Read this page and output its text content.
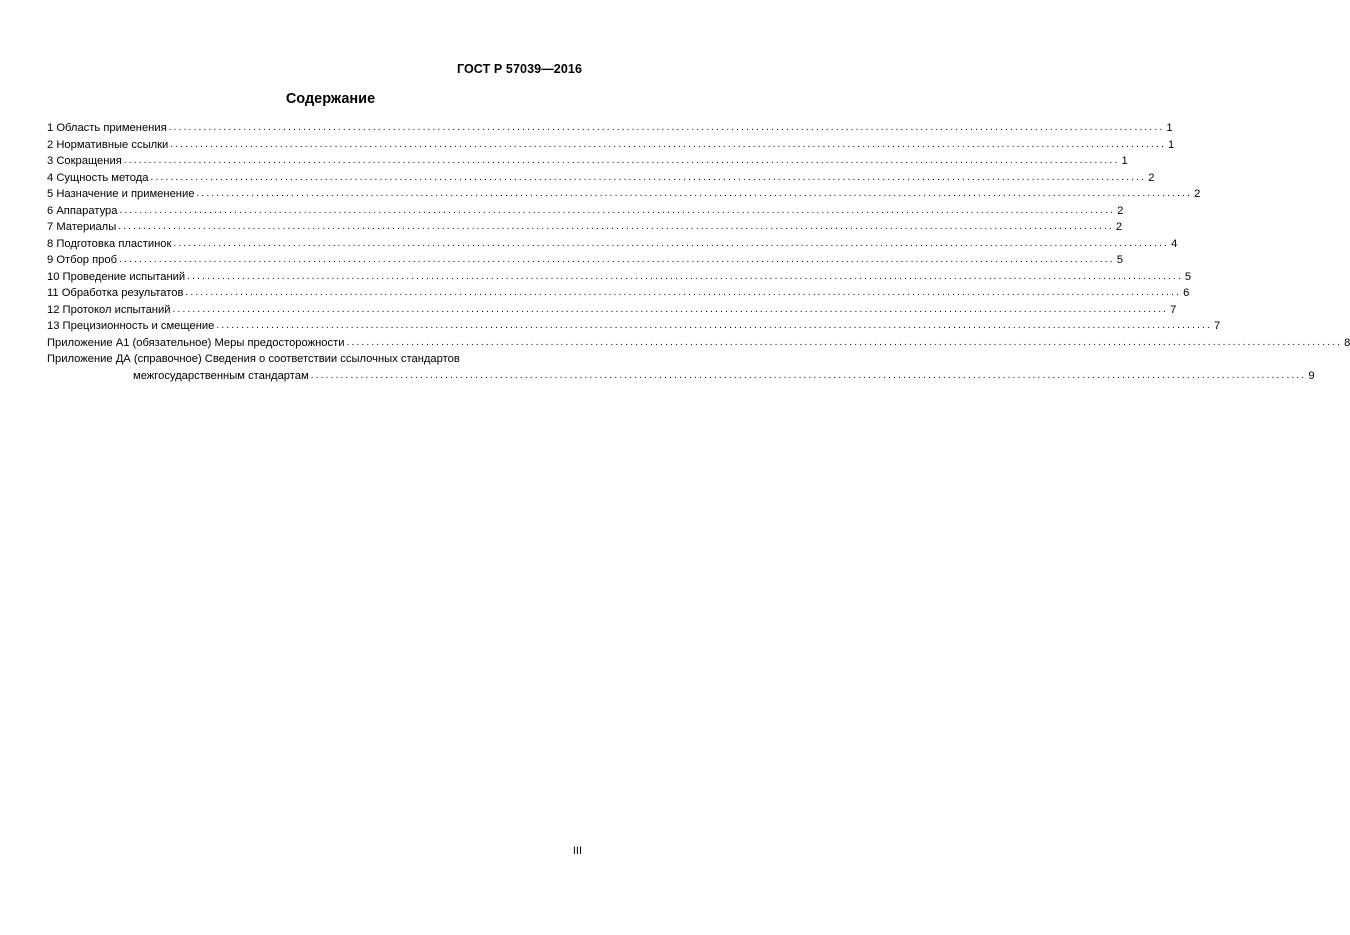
ГОСТ Р 57039—2016
Содержание
1 Область применения ........................................................................................................................................................................................................ 1
2 Нормативные ссылки ........................................................................................................................................................................................................ 1
3 Сокращения ........................................................................................................................................................................................................ 1
4 Сущность метода ........................................................................................................................................................................................................ 2
5 Назначение и применение ........................................................................................................................................................................................................ 2
6 Аппаратура ........................................................................................................................................................................................................ 2
7 Материалы ........................................................................................................................................................................................................ 2
8 Подготовка пластинок ........................................................................................................................................................................................................ 4
9 Отбор проб ........................................................................................................................................................................................................ 5
10 Проведение испытаний ........................................................................................................................................................................................................ 5
11 Обработка результатов ........................................................................................................................................................................................................ 6
12 Протокол испытаний ........................................................................................................................................................................................................ 7
13 Прецизионность и смещение ........................................................................................................................................................................................................ 7
Приложение А1 (обязательное) Меры предосторожности ........................................................................................................................................................................................................ 8
Приложение ДА (справочное) Сведения о соответствии ссылочных стандартов
межгосударственным стандартам ........................................................................................................................................................................................................ 9
III
